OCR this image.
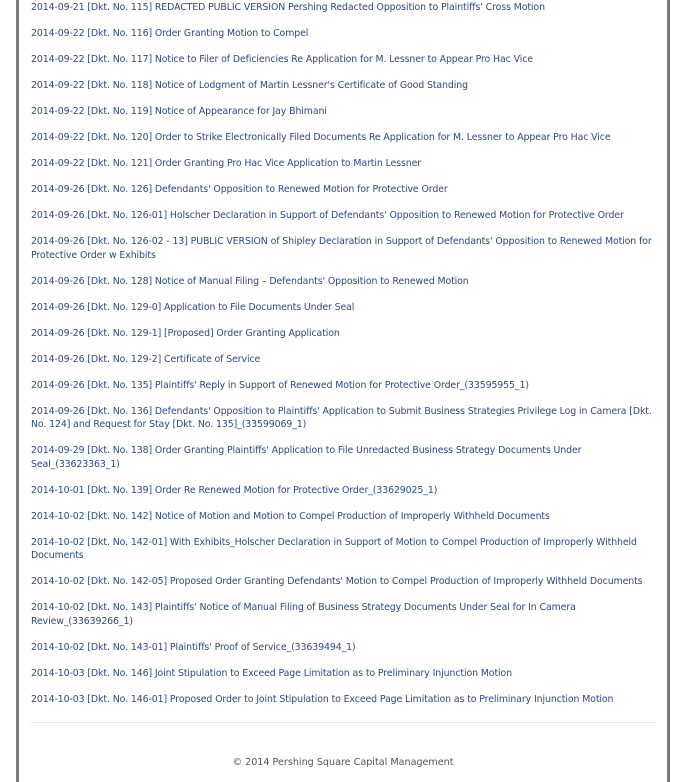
2014-09-21 [Dkt. No. 115] REDACTED PUBLIC VERSION Pershing Redacted Opposition to Plaintiffs' Cross Motion
2014-09-22 [Dkt. No. 116] Order Granting Motion to Compel
2014-09-22 [Dkt. No. 117] Notice to Filer of Deficiencies Re Application for M. Lessner to Appear Pro Hac Vice
2014-09-22 [Dkt. No. 118] Notice of Lodgment of Martin Lessner's Certificate of Good Standing
2014-09-22 [Dkt. No. 119] Notice of Appearance for Jay Bhimani
2014-09-22 [Dkt. No. 120] Order to Strike Electronically Filed Documents Re Application for M. Lessner to Appear Pro Hac Vice
2014-09-22 [Dkt. No. 121] Order Granting Pro Hac Vice Application to Martin Lessner
2014-09-26 [Dkt. No. 126] Defendants' Opposition to Renewed Motion for Protective Order
2014-09-26 [Dkt. No. 126-01] Holscher Declaration in Support of Defendants' Opposition to Renewed Motion for Protective Order
2014-09-26 [Dkt. No. 126-02 - 13] PUBLIC VERSION of Shipley Declaration in Support of Defendants' Opposition to Renewed Motion for Protective Order w Exhibits
2014-09-26 [Dkt. No. 128] Notice of Manual Filing – Defendants' Opposition to Renewed Motion
2014-09-26 [Dkt. No. 129-0] Application to File Documents Under Seal
2014-09-26 [Dkt. No. 129-1] [Proposed] Order Granting Application
2014-09-26 [Dkt. No. 129-2] Certificate of Service
2014-09-26 [Dkt. No. 135] Plaintiffs' Reply in Support of Renewed Motion for Protective Order_(33595955_1)
2014-09-26 [Dkt. No. 136] Defendants' Opposition to Plaintiffs' Application to Submit Business Strategies Privilege Log in Camera [Dkt. No. 124] and Request for Stay [Dkt. No. 135]_(33599069_1)
2014-09-29 [Dkt. No. 138] Order Granting Plaintiffs' Application to File Unredacted Business Strategy Documents Under Seal_(33623363_1)
2014-10-01 [Dkt. No. 139] Order Re Renewed Motion for Protective Order_(33629025_1)
2014-10-02 [Dkt. No. 142] Notice of Motion and Motion to Compel Production of Improperly Withheld Documents
2014-10-02 [Dkt. No. 142-01] With Exhibits_Holscher Declaration in Support of Motion to Compel Production of Improperly Withheld Documents
2014-10-02 [Dkt. No. 142-05] Proposed Order Granting Defendants' Motion to Compel Production of Improperly Withheld Documents
2014-10-02 [Dkt. No. 143] Plaintiffs' Notice of Manual Filing of Business Strategy Documents Under Seal for In Camera Review_(33639266_1)
2014-10-02 [Dkt. No. 143-01] Plaintiffs' Proof of Service_(33639494_1)
2014-10-03 [Dkt. No. 146] Joint Stipulation to Exceed Page Limitation as to Preliminary Injunction Motion
2014-10-03 [Dkt. No. 146-01] Proposed Order to Joint Stipulation to Exceed Page Limitation as to Preliminary Injunction Motion
© 2014 Pershing Square Capital Management
